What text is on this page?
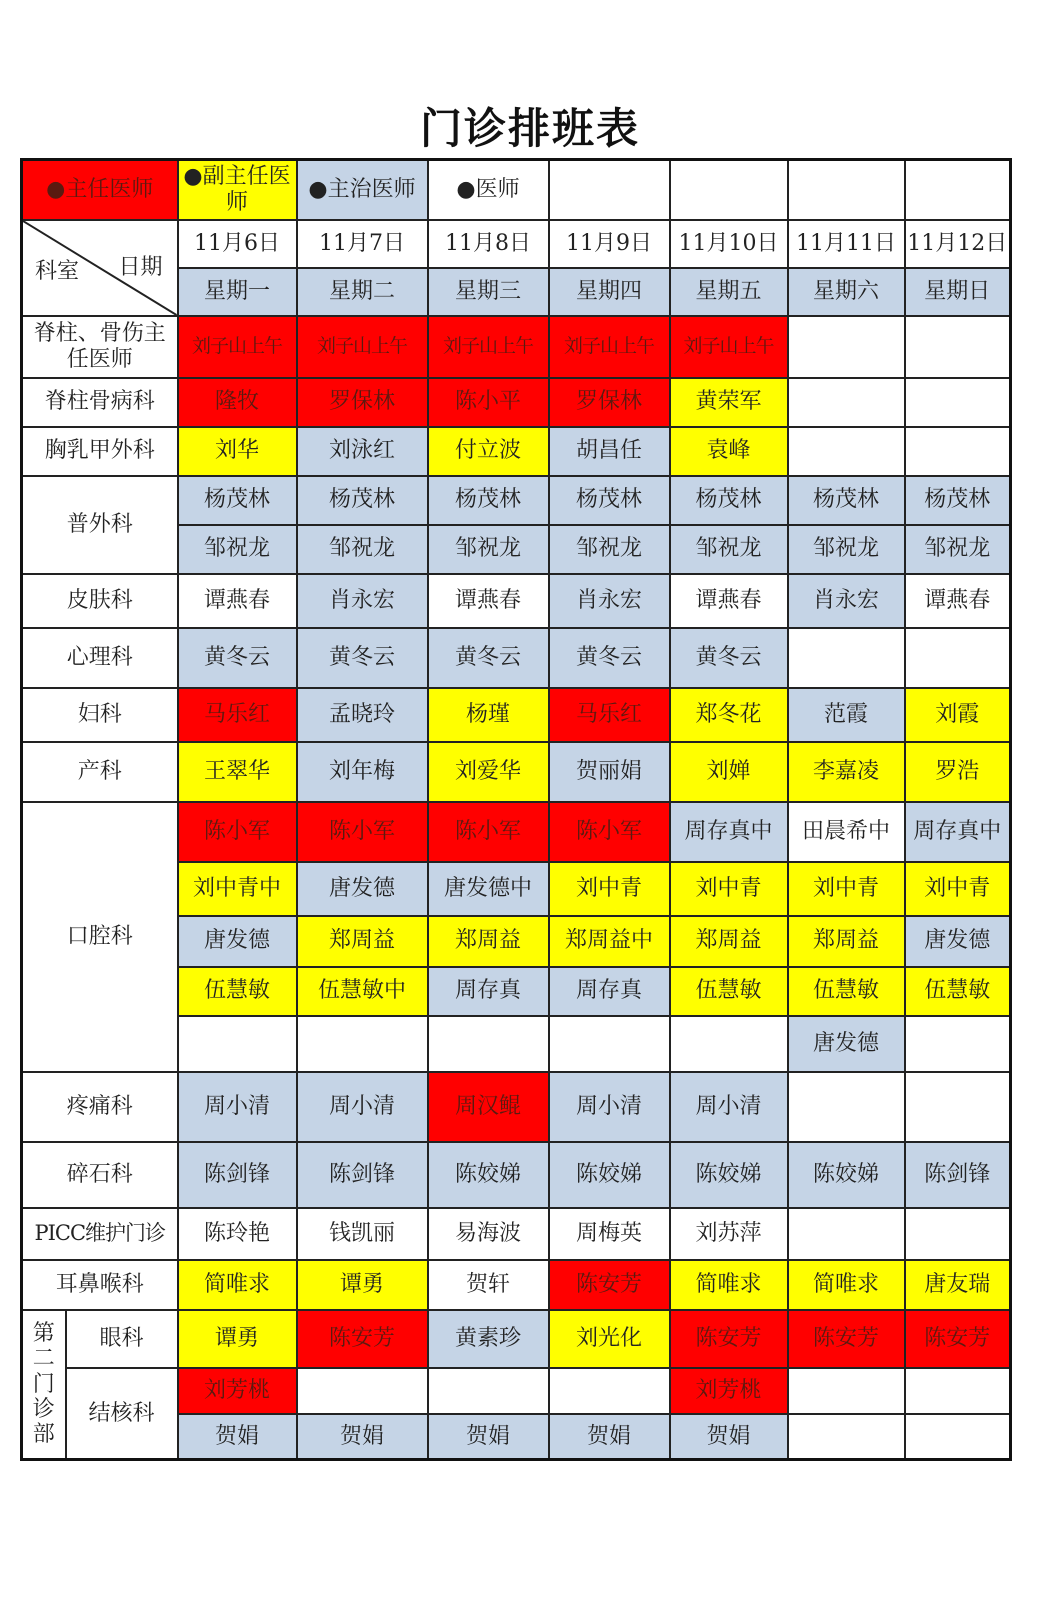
门诊排班表
●主任医师		●副主任医师	●主治医师	●医师				

科室 日期		11月6日	11月7日	11月8日	11月9日	11月10日	11月11日	11月12日
		星期一	星期二	星期三	星期四	星期五	星期六	星期日
脊柱、骨伤主任医师		刘子山上午	刘子山上午	刘子山上午	刘子山上午	刘子山上午		
脊柱骨病科		隆牧	罗保林	陈小平	罗保林	黄荣军		
胸乳甲外科		刘华	刘泳红	付立波	胡昌任	袁峰		
普外科		杨茂林	杨茂林	杨茂林	杨茂林	杨茂林	杨茂林	杨茂林
		邹祝龙	邹祝龙	邹祝龙	邹祝龙	邹祝龙	邹祝龙	邹祝龙
皮肤科		谭燕春	肖永宏	谭燕春	肖永宏	谭燕春	肖永宏	谭燕春
心理科		黄冬云	黄冬云	黄冬云	黄冬云	黄冬云		
妇科		马乐红	孟晓玲	杨瑾	马乐红	郑冬花	范霞	刘霞
产科		王翠华	刘年梅	刘爱华	贺丽娟	刘婵	李嘉凌	罗浩
口腔科		陈小军	陈小军	陈小军	陈小军	周存真中	田晨希中	周存真中
		刘中青中	唐发德	唐发德中	刘中青	刘中青	刘中青	刘中青
		唐发德	郑周益	郑周益	郑周益中	郑周益	郑周益	唐发德
		伍慧敏	伍慧敏中	周存真	周存真	伍慧敏	伍慧敏	伍慧敏
							唐发德	
疼痛科		周小清	周小清	周汉鲲	周小清	周小清		
碎石科		陈剑锋	陈剑锋	陈姣娣	陈姣娣	陈姣娣	陈姣娣	陈剑锋
PICC维护门诊		陈玲艳	钱凯丽	易海波	周梅英	刘苏萍		
耳鼻喉科		简唯求	谭勇	贺轩	陈安芳	简唯求	简唯求	唐友瑞
第二门诊部	眼科	谭勇	陈安芳	黄素珍	刘光化	陈安芳	陈安芳	陈安芳
	结核科	刘芳桃				刘芳桃		
		贺娟	贺娟	贺娟	贺娟	贺娟		
